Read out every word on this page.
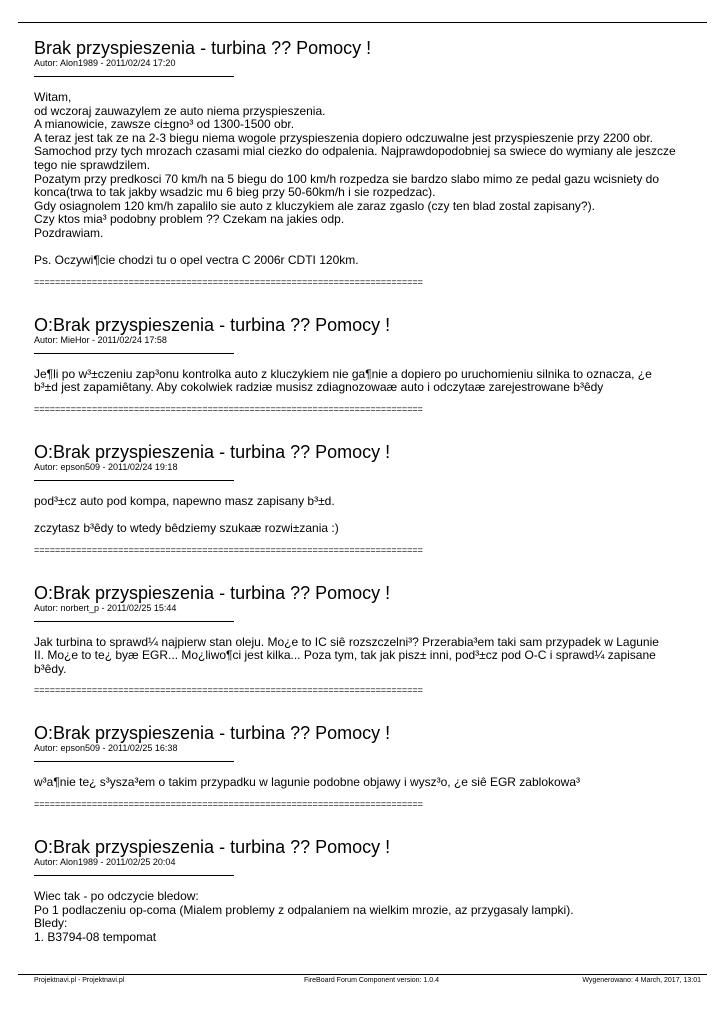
Brak przyspieszenia - turbina ?? Pomocy !
Autor: Alon1989 - 2011/02/24 17:20

Witam,

od wczoraj zauwazylem ze auto niema przyspieszenia.

A mianowicie, zawsze ci±gno³ od 1300-1500 obr.

A teraz jest tak ze na 2-3 biegu niema wogole przyspieszenia dopiero odczuwalne jest przyspieszenie przy 2200 obr.

Samochod przy tych mrozach czasami mial ciezko do odpalenia. Najprawdopodobniej sa swiece do wymiany ale jeszcze

tego nie sprawdzilem.

Pozatym przy predkosci 70 km/h na 5 biegu do 100 km/h rozpedza sie bardzo slabo mimo ze pedal gazu wcisniety do

konca(trwa to tak jakby wsadzic mu 6 bieg przy 50-60km/h i sie rozpedzac).

Gdy osiagnolem 120 km/h zapalilo sie auto z kluczykiem ale zaraz zgaslo (czy ten blad zostal zapisany?).

Czy ktos mia³ podobny problem ?? Czekam na jakies odp.

Pozdrawiam.

Ps. Oczywi¶cie chodzi tu o opel vectra C 2006r CDTI 120km.

==========================================================================
O:Brak przyspieszenia - turbina ?? Pomocy !
Autor: MieHor - 2011/02/24 17:58

Je¶li po w³±czeniu zap³onu kontrolka auto z kluczykiem nie ga¶nie a dopiero po uruchomieniu silnika to oznacza, ¿e

b³±d jest zapamiêtany. Aby cokolwiek radziæ musisz zdiagnozowaæ auto i odczytaæ zarejestrowane b³êdy

==========================================================================
O:Brak przyspieszenia - turbina ?? Pomocy !
Autor: epson509 - 2011/02/24 19:18

pod³±cz auto pod kompa, napewno masz zapisany b³±d.

zczytasz b³êdy to wtedy bêdziemy szukaæ rozwi±zania :)

==========================================================================
O:Brak przyspieszenia - turbina ?? Pomocy !
Autor: norbert_p - 2011/02/25 15:44

Jak turbina to sprawd¼ najpierw stan oleju. Mo¿e to IC siê rozszczelni³? Przerabia³em taki sam przypadek w Lagunie

II. Mo¿e to te¿ byæ EGR... Mo¿liwo¶ci jest kilka... Poza tym, tak jak pisz± inni, pod³±cz pod O-C i sprawd¼ zapisane

b³êdy.

==========================================================================
O:Brak przyspieszenia - turbina ?? Pomocy !
Autor: epson509 - 2011/02/25 16:38

w³a¶nie te¿ s³ysza³em o takim przypadku w lagunie podobne objawy i wysz³o, ¿e siê EGR zablokowa³

==========================================================================
O:Brak przyspieszenia - turbina ?? Pomocy !
Autor: Alon1989 - 2011/02/25 20:04

Wiec tak - po odczycie bledow:

Po 1 podlaczeniu op-coma (Mialem problemy z odpalaniem na wielkim mrozie, az przygasaly lampki).

Bledy:

1. B3794-08 tempomat

Projektnavi.pl - Projektnavi.pl	FireBoard Forum Component version: 1.0.4	Wygenerowano: 4 March, 2017, 13:01
